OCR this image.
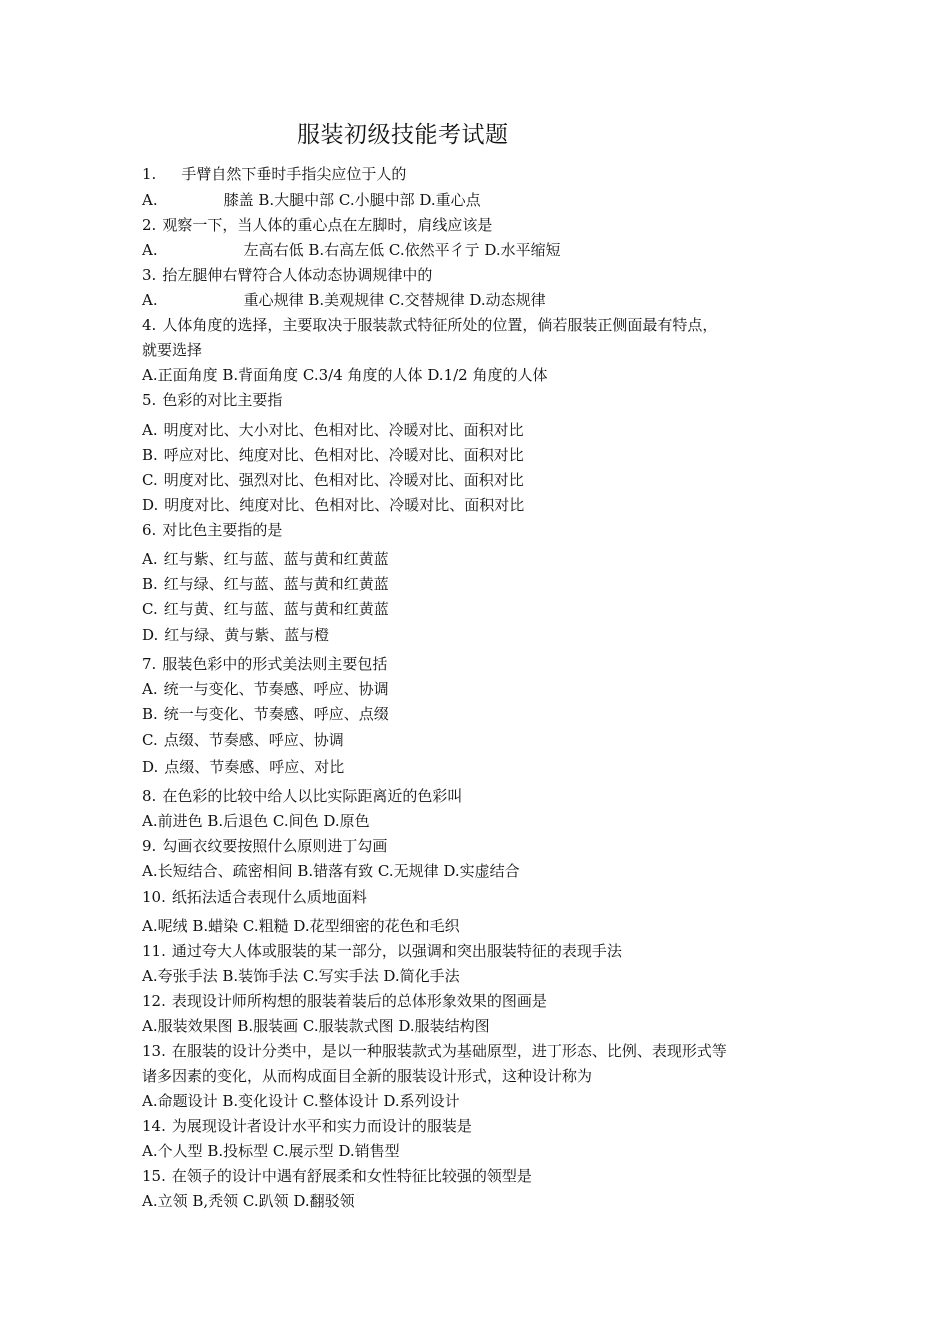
服装初级技能考试题
1. 手臂自然下垂时手指尖应位于人的
A.	膝盖 B.大腿中部 C.小腿中部 D.重心点
2. 观察一下，当人体的重心点在左脚时，肩线应该是
A.	左高右低 B.右高左低 C.依然平彳亍 D.水平缩短
3. 抬左腿伸右臂符合人体动态协调规律中的
A.	重心规律 B.美观规律 C.交替规律 D.动态规律
4. 人体角度的选择，主要取决于服装款式特征所处的位置，倘若服装正侧面最有特点，
就要选择
A.正面角度 B.背面角度 C.3/4 角度的人体 D.1/2 角度的人体
5. 色彩的对比主要指
A. 明度对比、大小对比、色相对比、冷暖对比、面积对比
B. 呼应对比、纯度对比、色相对比、冷暖对比、面积对比
C. 明度对比、强烈对比、色相对比、冷暖对比、面积对比
D. 明度对比、纯度对比、色相对比、冷暖对比、面积对比
6. 对比色主要指的是
A. 红与紫、红与蓝、蓝与黄和红黄蓝
B. 红与绿、红与蓝、蓝与黄和红黄蓝
C. 红与黄、红与蓝、蓝与黄和红黄蓝
D. 红与绿、黄与紫、蓝与橙
7. 服装色彩中的形式美法则主要包括
A. 统一与变化、节奏感、呼应、协调
B. 统一与变化、节奏感、呼应、点缀
C. 点缀、节奏感、呼应、协调
D. 点缀、节奏感、呼应、对比
8. 在色彩的比较中给人以比实际距离近的色彩叫
A.前进色 B.后退色 C.间色 D.原色
9. 勾画衣纹要按照什么原则进丁勾画
A.长短结合、疏密相间 B.错落有致 C.无规律 D.实虚结合
10. 纸拓法适合表现什么质地面料
A.呢绒 B.蜡染 C.粗糙 D.花型细密的花色和毛织
11. 通过夸大人体或服装的某一部分，以强调和突出服装特征的表现手法
A.夸张手法 B.装饰手法 C.写实手法 D.简化手法
12. 表现设计师所构想的服装着装后的总体形象效果的图画是
A.服装效果图 B.服装画 C.服装款式图 D.服装结构图
13. 在服装的设计分类中，是以一种服装款式为基础原型，进丁形态、比例、表现形式等
诸多因素的变化，从而构成面目全新的服装设计形式，这种设计称为
A.命题设计 B.变化设计 C.整体设计 D.系列设计
14. 为展现设计者设计水平和实力而设计的服装是
A.个人型 B.投标型 C.展示型 D.销售型
15. 在领子的设计中遇有舒展柔和女性特征比较强的领型是
A.立领 B,秃领 C.趴领 D.翻驳领
